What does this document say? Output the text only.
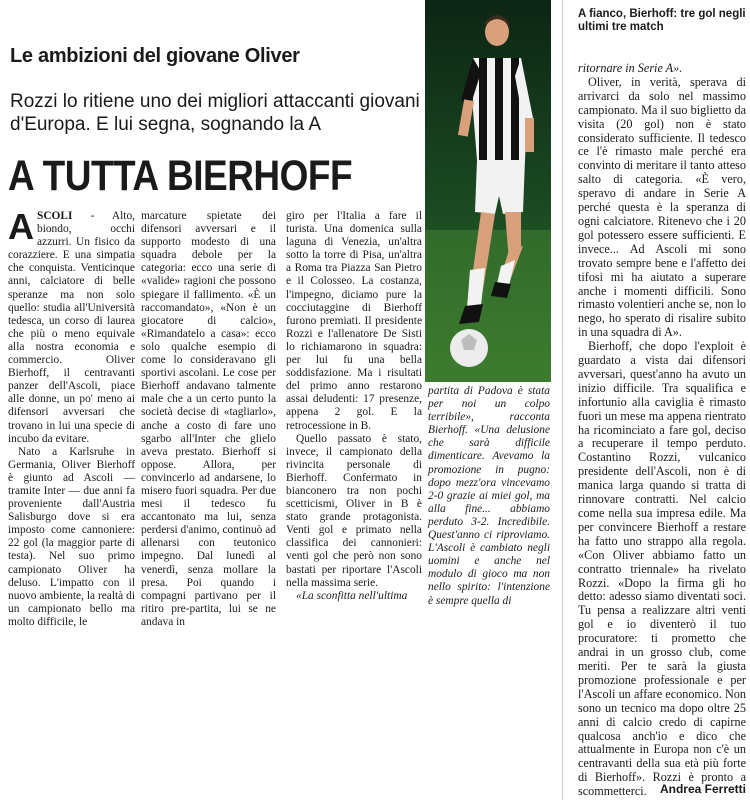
Le ambizioni del giovane Oliver
Rozzi lo ritiene uno dei migliori attaccanti giovani d'Europa. E lui segna, sognando la A
A TUTTA BIERHOFF

ASCOLI - Alto, biondo, occhi azzurri. Un fisico da corazziere. E una simpatia che conquista. Venticinque anni, calciatore di belle speranze ma non solo quello: studia all'Università tedesca, un corso di laurea che più o meno equivale alla nostra economia e commercio. Oliver Bierhoff, il centravanti panzer dell'Ascoli, piace alle donne, un po' meno ai difensori avversari che trovano in lui una specie di incubo da evitare.

Nato a Karlsruhe in Germania, Oliver Bierhoff è giunto ad Ascoli — tramite Inter — due anni fa proveniente dall'Austria Salisburgo dove si era imposto come cannoniere: 22 gol (la maggior parte di testa). Nel suo primo campionato Oliver ha deluso. L'impatto con il nuovo ambiente, la realtà di un campionato bello ma molto difficile, le

marcature spietate dei difensori avversari e il supporto modesto di una squadra debole per la categoria: ecco una serie di «valide» ragioni che possono spiegare il fallimento. «È un raccomandato», «Non è un giocatore di calcio», «Rimandatelo a casa»: ecco solo qualche esempio di come lo consideravano gli sportivi ascolani. Le cose per Bierhoff andavano talmente male che a un certo punto la società decise di «tagliarlo», anche a costo di fare uno sgarbo all'Inter che glielo aveva prestato. Bierhoff si oppose. Allora, per convincerlo ad andarsene, lo misero fuori squadra. Per due mesi il tedesco fu accantonato ma lui, senza perdersi d'animo, continuò ad allenarsi con teutonico impegno. Dal lunedì al venerdì, senza mollare la presa. Poi quando i compagni partivano per il ritiro pre-partita, lui se ne andava in

giro per l'Italia a fare il turista. Una domenica sulla laguna di Venezia, un'altra sotto la torre di Pisa, un'altra a Roma tra Piazza San Pietro e il Colosseo. La costanza, l'impegno, diciamo pure la cocciutaggine di Bierhoff furono premiati. Il presidente Rozzi e l'allenatore De Sisti lo richiamarono in squadra: per lui fu una bella soddisfazione. Ma i risultati del primo anno restarono assai deludenti: 17 presenze, appena 2 gol. E la retrocessione in B.

Quello passato è stato, invece, il campionato della rivincita personale di Bierhoff. Confermato in bianconero tra non pochi scetticismi, Oliver in B è stato grande protagonista. Venti gol e primato nella classifica dei cannonieri: venti gol che però non sono bastati per riportare l'Ascoli nella massima serie.

«La sconfitta nell'ultima

partita di Padova è stata per noi un colpo terribile», racconta Bierhoff. «Una delusione che sarà difficile dimenticare. Avevamo la promozione in pugno: dopo mezz'ora vincevamo 2-0 grazie ai miei gol, ma alla fine... abbiamo perduto 3-2. Incredibile. Quest'anno ci riproviamo. L'Ascoli è cambiato negli uomini e anche nel modulo di gioco ma non nello spirito: l'intenzione è sempre quella di

A fianco, Bierhoff: tre gol negli ultimi tre match

ritornare in Serie A».

Oliver, in verità, sperava di arrivarci da solo nel massimo campionato. Ma il suo biglietto da visita (20 gol) non è stato considerato sufficiente. Il tedesco ce l'è rimasto male perché era convinto di meritare il tanto atteso salto di categoria. «È vero, speravo di andare in Serie A perché questa è la speranza di ogni calciatore. Ritenevo che i 20 gol potessero essere sufficienti. E invece... Ad Ascoli mi sono trovato sempre bene e l'affetto dei tifosi mi ha aiutato a superare anche i momenti difficili. Sono rimasto volentieri anche se, non lo nego, ho sperato di risalire subito in una squadra di A».

Bierhoff, che dopo l'exploit è guardato a vista dai difensori avversari, quest'anno ha avuto un inizio difficile. Tra squalifica e infortunio alla caviglia è rimasto fuori un mese ma appena rientrato ha ricominciato a fare gol, deciso a recuperare il tempo perduto. Costantino Rozzi, vulcanico presidente dell'Ascoli, non è di manica larga quando si tratta di rinnovare contratti. Nel calcio come nella sua impresa edile. Ma per convincere Bierhoff a restare ha fatto uno strappo alla regola. «Con Oliver abbiamo fatto un contratto triennale» ha rivelato Rozzi. «Dopo la firma gli ho detto: adesso siamo diventati soci. Tu pensa a realizzare altri venti gol e io diventerò il tuo procuratore: ti prometto che andrai in un grosso club, come meriti. Per te sarà la giusta promozione professionale e per l'Ascoli un affare economico. Non sono un tecnico ma dopo oltre 25 anni di calcio credo di capirne qualcosa anch'io e dico che attualmente in Europa non c'è un centravanti della sua età più forte di Bierhoff». Rozzi è pronto a scommetterci.	Andrea Ferretti
